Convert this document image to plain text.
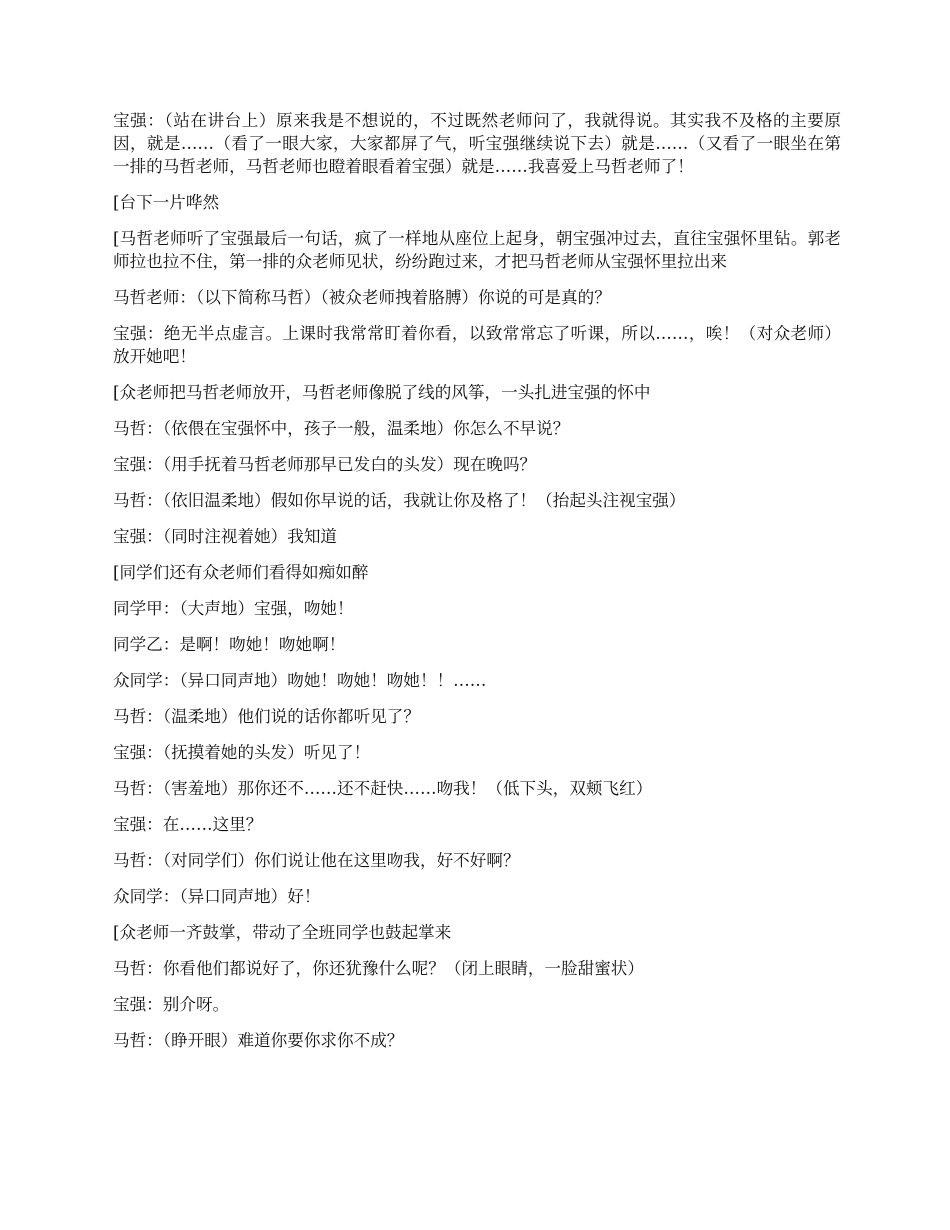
宝强：（站在讲台上）原来我是不想说的，不过既然老师问了，我就得说。其实我不及格的主要原因，就是……（看了一眼大家，大家都屏了气，听宝强继续说下去）就是……（又看了一眼坐在第一排的马哲老师，马哲老师也瞪着眼看着宝强）就是……我喜爱上马哲老师了！

[台下一片哗然

[马哲老师听了宝强最后一句话，疯了一样地从座位上起身，朝宝强冲过去，直往宝强怀里钻。郭老师拉也拉不住，第一排的众老师见状，纷纷跑过来，才把马哲老师从宝强怀里拉出来

马哲老师：（以下简称马哲）（被众老师拽着胳膊）你说的可是真的？

宝强：绝无半点虚言。上课时我常常盯着你看，以致常常忘了听课，所以……，唉！（对众老师）放开她吧！

[众老师把马哲老师放开，马哲老师像脱了线的风筝，一头扎进宝强的怀中

马哲：（依偎在宝强怀中，孩子一般，温柔地）你怎么不早说？

宝强：（用手抚着马哲老师那早已发白的头发）现在晚吗？

马哲：（依旧温柔地）假如你早说的话，我就让你及格了！（抬起头注视宝强）

宝强：（同时注视着她）我知道

[同学们还有众老师们看得如痴如醉

同学甲：（大声地）宝强，吻她！

同学乙：是啊！吻她！吻她啊！

众同学：（异口同声地）吻她！吻她！吻她！！……

马哲：（温柔地）他们说的话你都听见了？

宝强：（抚摸着她的头发）听见了！

马哲：（害羞地）那你还不……还不赶快……吻我！（低下头，双颊飞红）

宝强：在……这里？

马哲：（对同学们）你们说让他在这里吻我，好不好啊？

众同学：（异口同声地）好！

[众老师一齐鼓掌，带动了全班同学也鼓起掌来

马哲：你看他们都说好了，你还犹豫什么呢？（闭上眼睛，一脸甜蜜状）

宝强：别介呀。

马哲：（睁开眼）难道你要你求你不成？
